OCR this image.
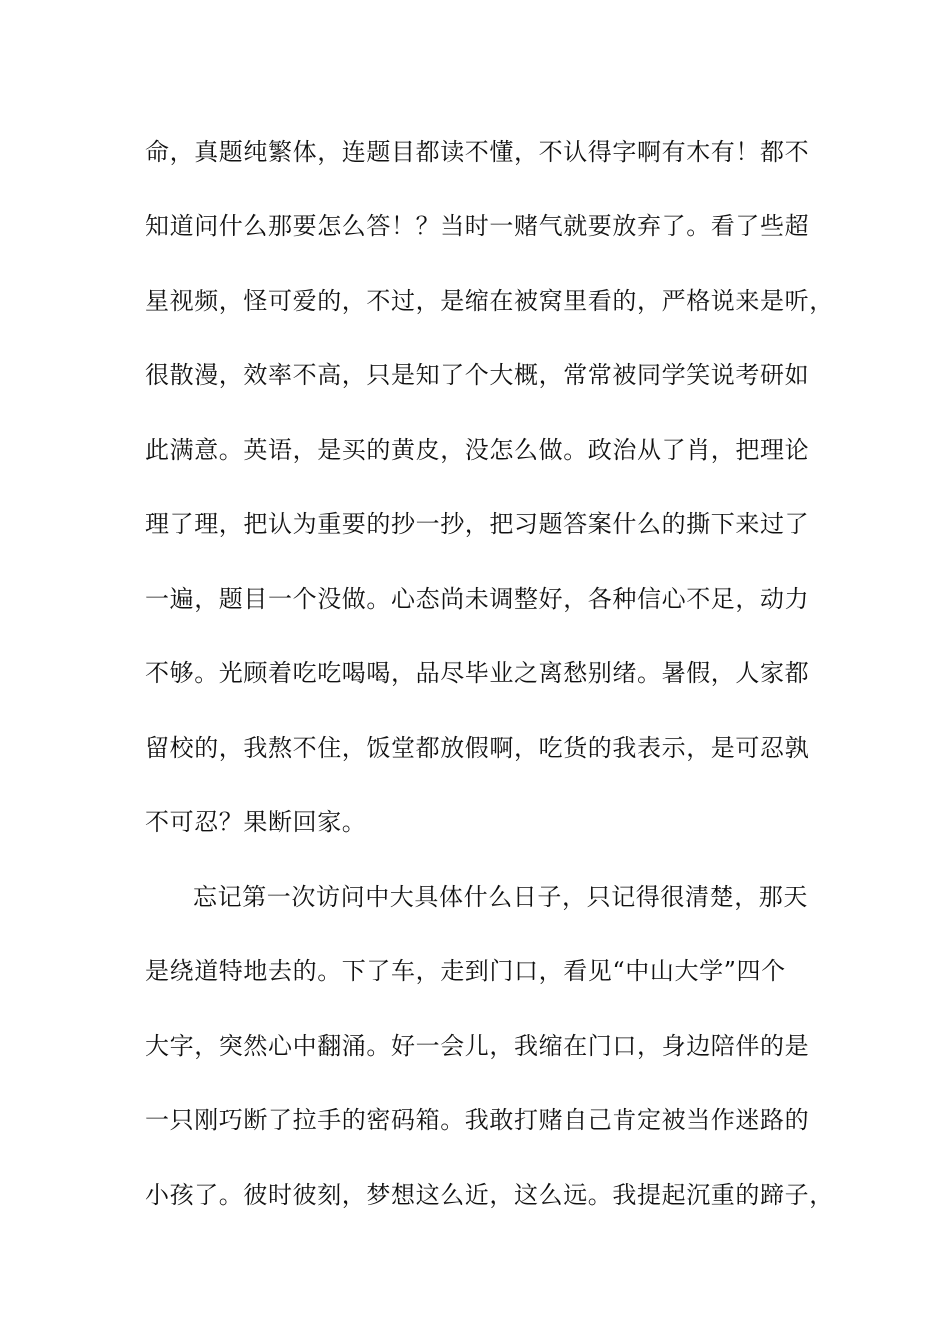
命，真题纯繁体，连题目都读不懂，不认得字啊有木有！都不
知道问什么那要怎么答！？当时一赌气就要放弃了。看了些超
星视频，怪可爱的，不过，是缩在被窝里看的，严格说来是听，
很散漫，效率不高，只是知了个大概，常常被同学笑说考研如
此满意。英语，是买的黄皮，没怎么做。政治从了肖，把理论
理了理，把认为重要的抄一抄，把习题答案什么的撕下来过了
一遍，题目一个没做。心态尚未调整好，各种信心不足，动力
不够。光顾着吃吃喝喝，品尽毕业之离愁别绪。暑假，人家都
留校的，我熬不住，饭堂都放假啊，吃货的我表示，是可忍孰
不可忍？果断回家。
忘记第一次访问中大具体什么日子，只记得很清楚，那天
是绕道特地去的。下了车，走到门口，看见“中山大学”四个
大字，突然心中翻涌。好一会儿，我缩在门口，身边陪伴的是
一只刚巧断了拉手的密码箱。我敢打赌自己肯定被当作迷路的
小孩了。彼时彼刻，梦想这么近，这么远。我提起沉重的蹄子，
